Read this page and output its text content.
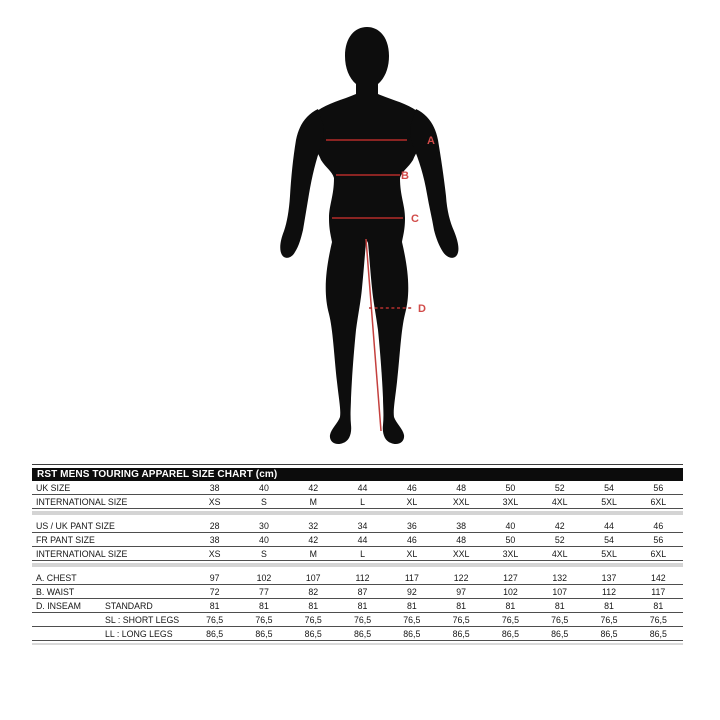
A
B
C
D
RST MENS TOURING APPAREL SIZE CHART (cm)
UK SIZE	38	40	42	44	46	48	50	52	54	56
INTERNATIONAL SIZE	XS	S	M	L	XL	XXL	3XL	4XL	5XL	6XL
US / UK PANT SIZE	28	30	32	34	36	38	40	42	44	46
FR PANT SIZE	38	40	42	44	46	48	50	52	54	56
INTERNATIONAL SIZE	XS	S	M	L	XL	XXL	3XL	4XL	5XL	6XL
A. CHEST	97	102	107	112	117	122	127	132	137	142
B. WAIST	72	77	82	87	92	97	102	107	112	117
D. INSEAM	STANDARD	81	81	81	81	81	81	81	81	81	81
SL : SHORT LEGS	76,5	76,5	76,5	76,5	76,5	76,5	76,5	76,5	76,5	76,5
LL : LONG LEGS	86,5	86,5	86,5	86,5	86,5	86,5	86,5	86,5	86,5	86,5
